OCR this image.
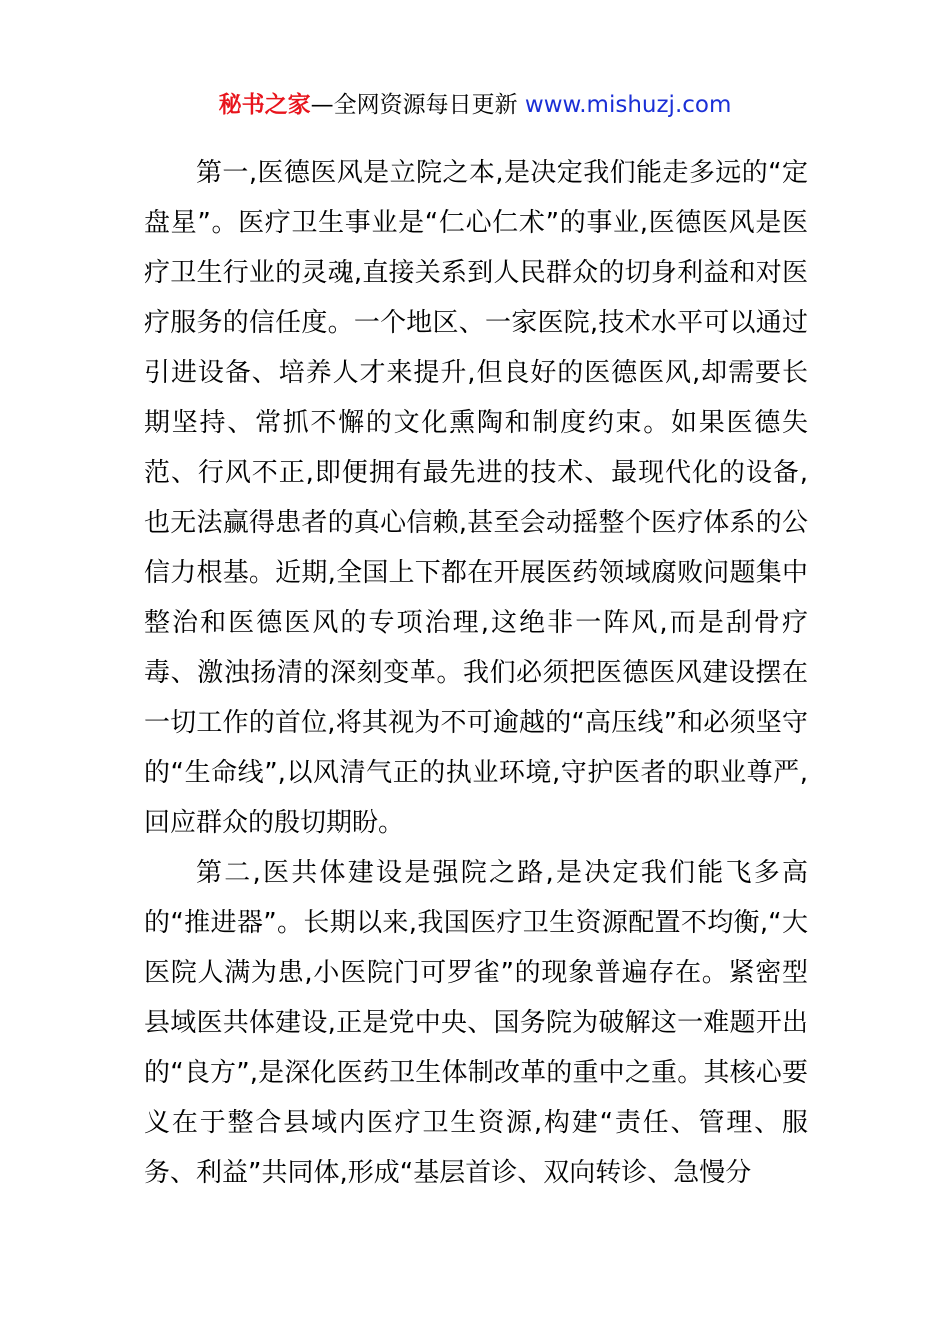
秘书之家—全网资源每日更新 www.mishuzj.com

第一,医德医风是立院之本,是决定我们能走多远的“定盘星”。医疗卫生事业是“仁心仁术”的事业,医德医风是医疗卫生行业的灵魂,直接关系到人民群众的切身利益和对医疗服务的信任度。一个地区、一家医院,技术水平可以通过引进设备、培养人才来提升,但良好的医德医风,却需要长期坚持、常抓不懈的文化熏陶和制度约束。如果医德失范、行风不正,即便拥有最先进的技术、最现代化的设备,也无法赢得患者的真心信赖,甚至会动摇整个医疗体系的公信力根基。近期,全国上下都在开展医药领域腐败问题集中整治和医德医风的专项治理,这绝非一阵风,而是刮骨疗毒、激浊扬清的深刻变革。我们必须把医德医风建设摆在一切工作的首位,将其视为不可逾越的“高压线”和必须坚守的“生命线”,以风清气正的执业环境,守护医者的职业尊严,回应群众的殷切期盼。

第二,医共体建设是强院之路,是决定我们能飞多高的“推进器”。长期以来,我国医疗卫生资源配置不均衡,“大医院人满为患,小医院门可罗雀”的现象普遍存在。紧密型县域医共体建设,正是党中央、国务院为破解这一难题开出的“良方”,是深化医药卫生体制改革的重中之重。其核心要义在于整合县域内医疗卫生资源,构建“责任、管理、服务、利益”共同体,形成“基层首诊、双向转诊、急慢分
